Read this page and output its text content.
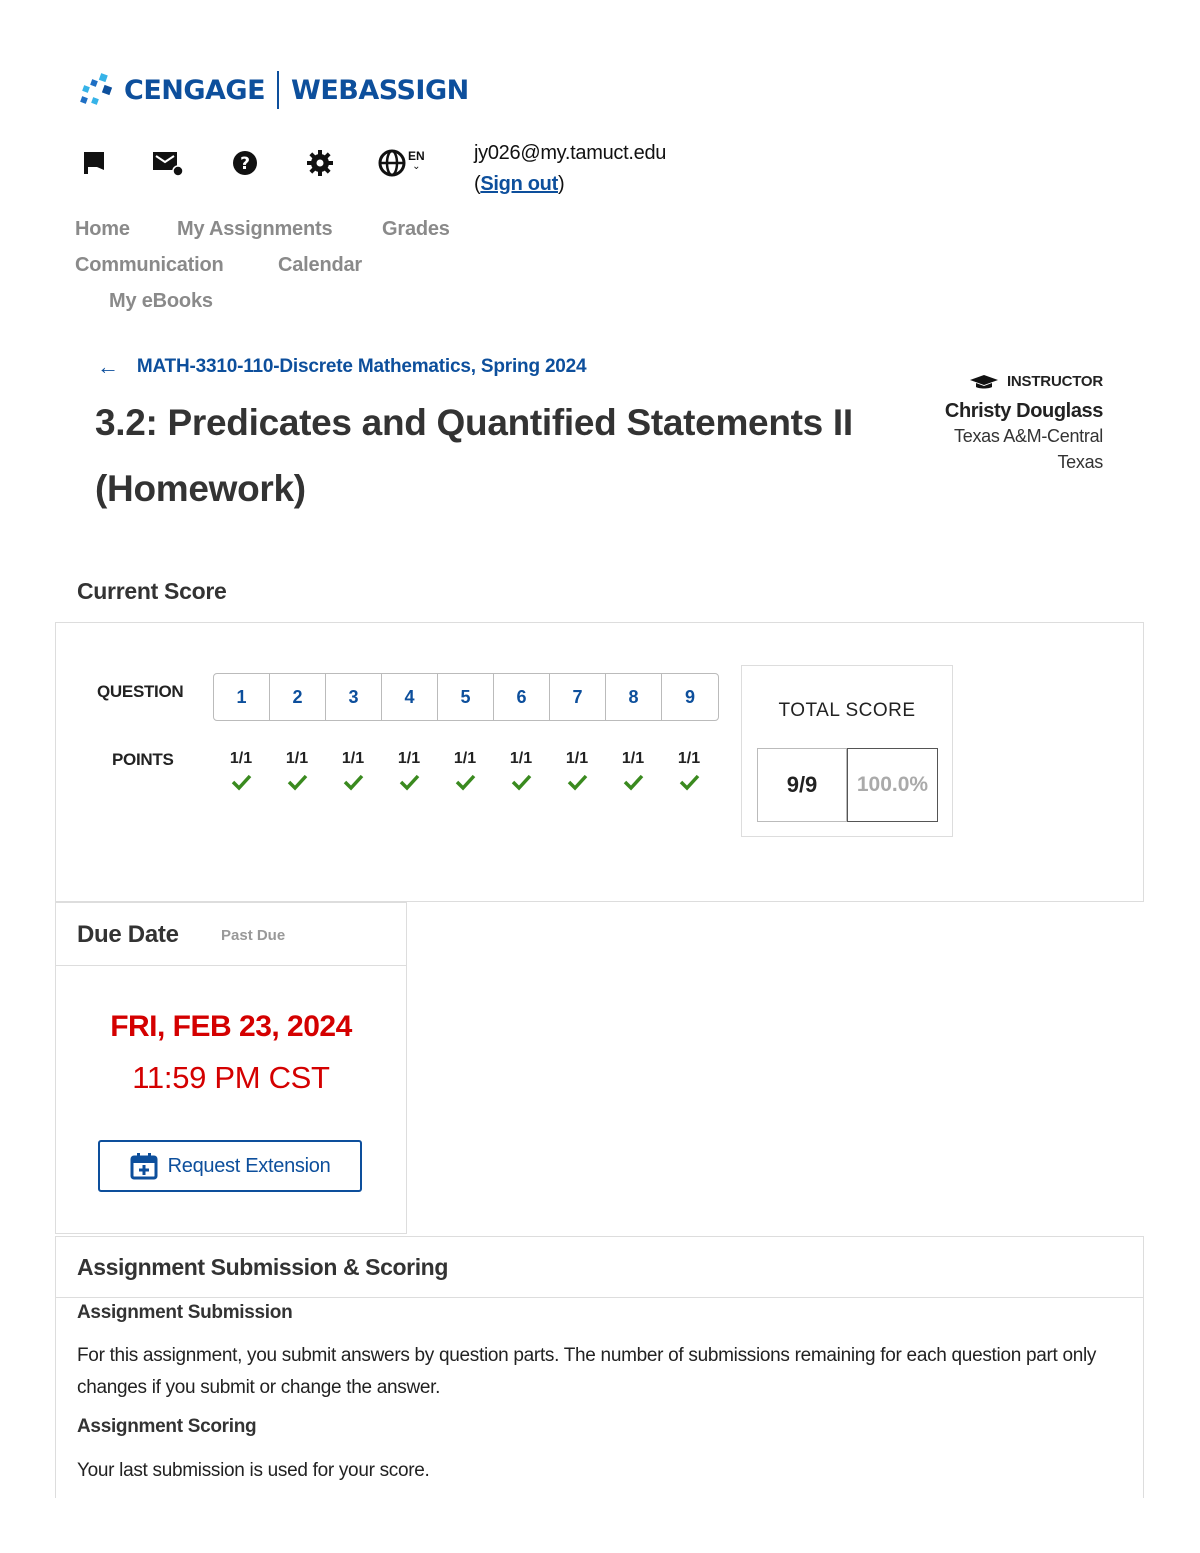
CENGAGE WEBASSIGN
?	EN
⌄
jy026@my.tamuct.edu
(Sign out)
Home My Assignments Grades
Communication	Calendar
My eBooks
← MATH-3310-110-Discrete Mathematics, Spring 2024
3.2: Predicates and Quantified Statements II
(Homework)
INSTRUCTOR
Christy Douglass
Texas A&M-Central Texas
Current Score
QUESTION
POINTS
1	2	3	4	5	6	7	8	9
1/1	1/1	1/1	1/1	1/1	1/1	1/1	1/1	1/1
TOTAL SCORE
9/9	100.0%
Due Date	Past Due
FRI, FEB 23, 2024
11:59 PM CST
Request Extension
Assignment Submission & Scoring
Assignment Submission
For this assignment, you submit answers by question parts. The number of submissions remaining for each question part only changes if you submit or change the answer.
Assignment Scoring
Your last submission is used for your score.
